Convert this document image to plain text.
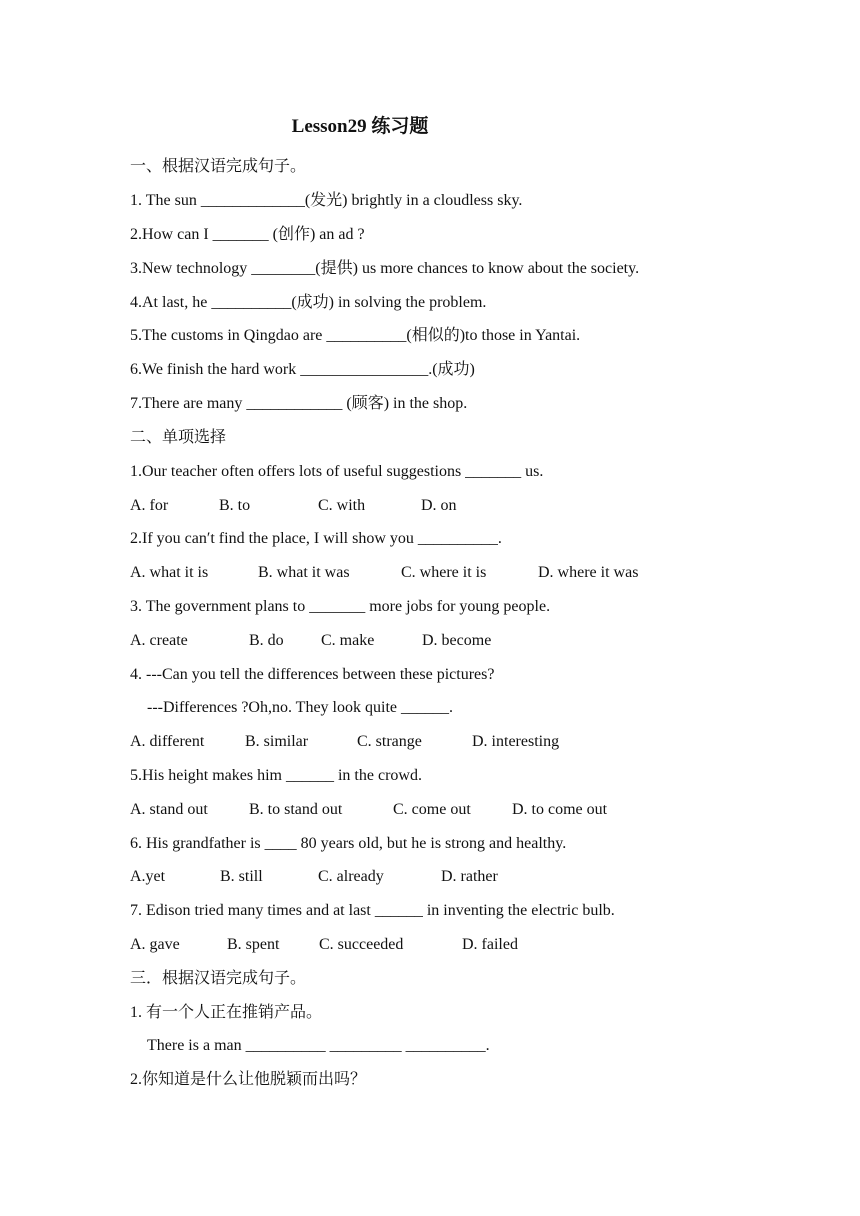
Lesson29 练习题
一、根据汉语完成句子。
1. The sun _____________(发光) brightly in a cloudless sky.
2.How can I _______ (创作) an ad ?
3.New technology ________(提供) us more chances to know about the society.
4.At last, he __________(成功) in solving the problem.
5.The customs in Qingdao are __________(相似的)to those in Yantai.
6.We finish the hard work ________________.(成功)
7.There are many ____________ (顾客) in the shop.
二、单项选择
1.Our teacher often offers lots of useful suggestions _______ us.
A. for	B. to	C. with	D. on
2.If you can′t find the place, I will show you __________.
A. what it is	B. what it was	C. where it is	D. where it was
3. The government plans to _______ more jobs for young people.
A. create	B. do C. make	D. become
4. ---Can you tell the differences between these pictures?
---Differences ?Oh,no. They look quite ______.
A. different	B. similar	C. strange	D. interesting
5.His height makes him ______ in the crowd.
A. stand out	B. to stand out	C. come out	D. to come out
6. His grandfather is ____ 80 years old, but he is strong and healthy.
A.yet	B. still	C. already	D. rather
7. Edison tried many times and at last ______ in inventing the electric bulb.
A. gave	B. spent C. succeeded	D. failed
三．根据汉语完成句子。
1. 有一个人正在推销产品。
There is a man __________ _________ __________.
2.你知道是什么让他脱颖而出吗？
